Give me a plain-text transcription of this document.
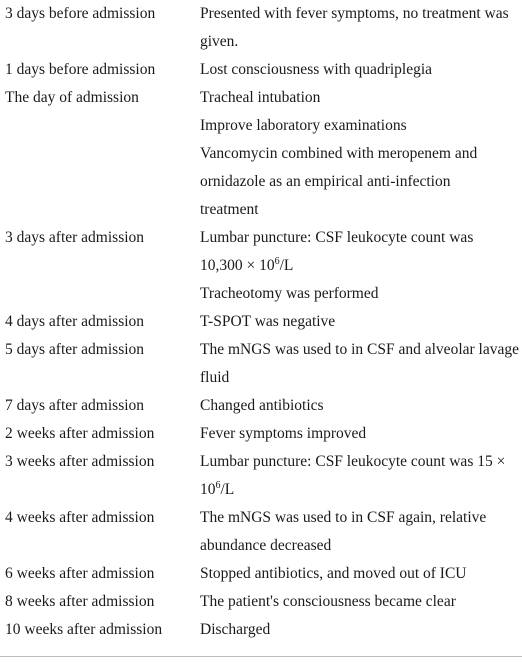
3 days before admission	Presented with fever symptoms, no treatment was
given.
1 days before admission	Lost consciousness with quadriplegia
The day of admission	Tracheal intubation
Improve laboratory examinations
Vancomycin combined with meropenem and
ornidazole as an empirical anti-infection
treatment
3 days after admission	Lumbar puncture: CSF leukocyte count was
$10,300 \times 10^6/L$
Tracheotomy was performed
4 days after admission	T-SPOT was negative
5 days after admission	The mNGS was used to in CSF and alveolar lavage
fluid
7 days after admission	Changed antibiotics
2 weeks after admission	Fever symptoms improved
3 weeks after admission	Lumbar puncture: CSF leukocyte count was 15 ×
$10^6/L$
4 weeks after admission	The mNGS was used to in CSF again, relative
abundance decreased
6 weeks after admission	Stopped antibiotics, and moved out of ICU
8 weeks after admission	The patient's consciousness became clear
10 weeks after admission	Discharged
